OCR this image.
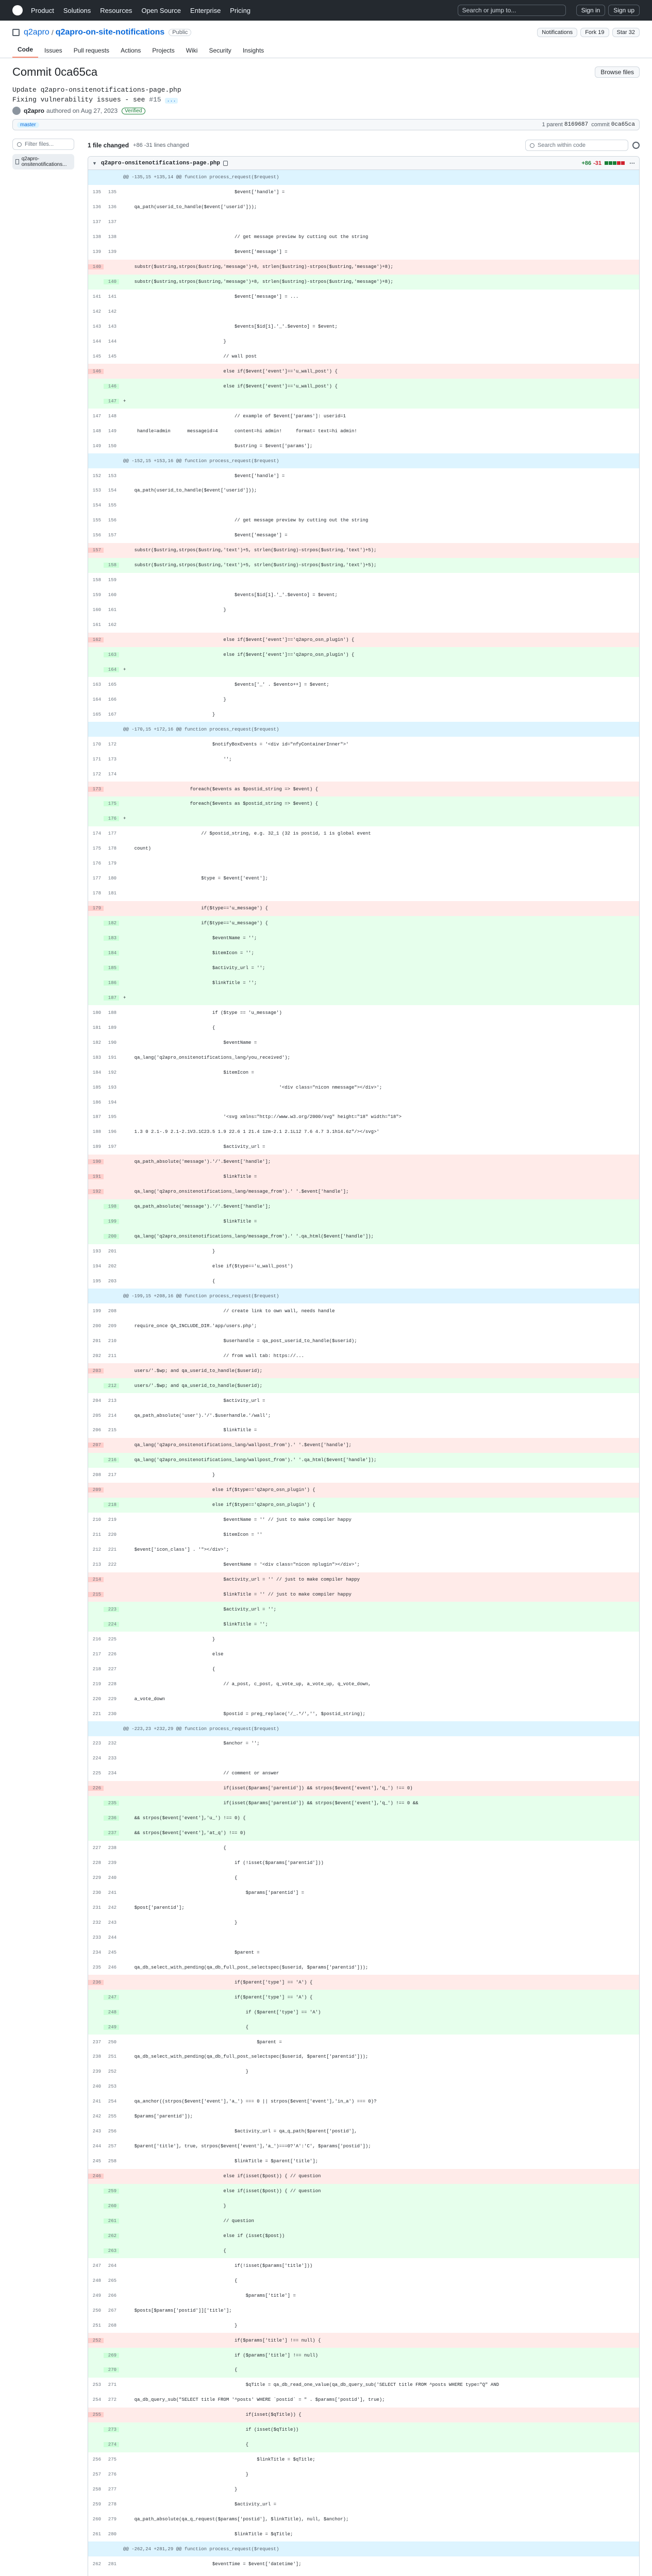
Product Solutions Resources Open Source Enterprise Pricing	Search or jump to...	Sign in	Sign up
q2apro / q2apro-on-site-notifications	Public	Notifications	Fork 19	Star 32
Code	Issues	Pull requests	Actions	Projects	Wiki	Security	Insights
Commit 0ca65ca	Browse files
Update q2apro-onsitenotifications-page.php
Fixing vulnerability issues - see #15 ...
q2apro authored on Aug 27, 2023	Verified
master	1 parent
8169687
commit
0ca65ca
Filter files...
q2apro-onsitenotifications...
1 file changed +86 -31 lines changed	Search within code
▼ q2apro-onsitenotifications-page.php	+86 -31	⋯
@@ -135,15 +135,14 @@ function process_request($request)
135	135	$event['handle'] =
136	136	qa_path(userid_to_handle($event['userid']));
137	137
138	138	// get message preview by cutting out the string
139	139	$event['message'] =
140	substr($ustring,strpos($ustring,'message')+8, strlen($ustring)-strpos($ustring,'message')+8);
140	substr($ustring,strpos($ustring,'message')+8, strlen($ustring)-strpos($ustring,'message')+8);
141	141	$event['message'] = ...
142	142
143	143	$events[$id[1].'_'.$evento] = $event;
144	144	}
145	145	// wall post
146	else if($event['event']=='u_wall_post') {
146	else if($event['event']=='u_wall_post') {
147	+
147	148	// example of $event['params']: userid=1
148	149	handle=admin      messageid=4      content=hi admin!     format= text=hi admin!
149	150	$ustring = $event['params'];
@@ -152,15 +153,16 @@ function process_request($request)
152	153	$event['handle'] =
153	154	qa_path(userid_to_handle($event['userid']));
154	155
155	156	// get message preview by cutting out the string
156	157	$event['message'] =
157	substr($ustring,strpos($ustring,'text')+5, strlen($ustring)-strpos($ustring,'text')+5);
158	substr($ustring,strpos($ustring,'text')+5, strlen($ustring)-strpos($ustring,'text')+5);
158	159
159	160	$events[$id[1].'_'.$evento] = $event;
160	161	}
161	162
162	else if($event['event']=='q2apro_osn_plugin') {
163	else if($event['event']=='q2apro_osn_plugin') {
164	+
163	165	$events['_' . $evento++] = $event;
164	166	}
165	167	}
@@ -170,15 +172,16 @@ function process_request($request)
170	172	$notifyBoxEvents = '<div id="nfyContainerInner">'
171	173	'';
172	174
173	foreach($events as $postid_string => $event) {
175	foreach($events as $postid_string => $event) {
176	+
174	177	// $postid_string, e.g. 32_1 (32 is postid, 1 is global event
175	178	count)
176	179
177	180	$type = $event['event'];
178	181
179	if($type=='u_message') {
182	if($type=='u_message') {
183	$eventName = '';
184	$itemIcon = '';
185	$activity_url = '';
186	$linkTitle = '';
187	+
180	188	if ($type == 'u_message')
181	189	{
182	190	$eventName =
183	191	qa_lang('q2apro_onsitenotifications_lang/you_received');
184	192	$itemIcon =
185	193	'<div class="nicon nmessage"></div>';
186	194
187	195	'<svg xmlns="http://www.w3.org/2000/svg" height="18" width="18">
188	196	1.3 0 2.1-.9 2.1-2.1V3.1C23.5 1.9 22.6 1 21.4 1zm-2.1 2.1L12 7.6 4.7 3.1h14.6z"/></svg>'
189	197	$activity_url =
190	qa_path_absolute('message').'/'.$event['handle'];
191	$linkTitle =
192	qa_lang('q2apro_onsitenotifications_lang/message_from').' '.$event['handle'];
198	qa_path_absolute('message').'/'.$event['handle'];
199	$linkTitle =
200	qa_lang('q2apro_onsitenotifications_lang/message_from').' '.qa_html($event['handle']);
193	201	}
194	202	else if($type=='u_wall_post')
195	203	{
@@ -199,15 +208,16 @@ function process_request($request)
199	208	// create link to own wall, needs handle
200	209	require_once QA_INCLUDE_DIR.'app/users.php';
201	210	$userhandle = qa_post_userid_to_handle($userid);
202	211	// from wall tab: https://...
203	users/'.$wp; and qa_userid_to_handle($userid);
212	users/'.$wp; and qa_userid_to_handle($userid);
204	213	$activity_url =
205	214	qa_path_absolute('user').'/'.$userhandle.'/wall';
206	215	$linkTitle =
207	qa_lang('q2apro_onsitenotifications_lang/wallpost_from').' '.$event['handle'];
216	qa_lang('q2apro_onsitenotifications_lang/wallpost_from').' '.qa_html($event['handle']);
208	217	}
209	else if($type=='q2apro_osn_plugin') {
218	else if($type=='q2apro_osn_plugin') {
210	219	$eventName = '' // just to make compiler happy
211	220	$itemIcon = ''
212	221	$event['icon_class'] . '"></div>';
213	222	$eventName = '<div class="nicon nplugin"></div>';
214	$activity_url = '' // just to make compiler happy
215	$linkTitle = '' // just to make compiler happy
223	$activity_url = '';
224	$linkTitle = '';
216	225	}
217	226	else
218	227	{
219	228	// a_post, c_post, q_vote_up, a_vote_up, q_vote_down,
220	229	a_vote_down
221	230	$postid = preg_replace('/_.*/','', $postid_string);
@@ -223,23 +232,29 @@ function process_request($request)
223	232	$anchor = '';
224	233
225	234	// comment or answer
226	if(isset($params['parentid']) && strpos($event['event'],'q_') !== 0)
235	if(isset($params['parentid']) && strpos($event['event'],'q_') !== 0 &&
236	&& strpos($event['event'],'u_') !== 0) {
237	&& strpos($event['event'],'at_q') !== 0)
227	238	{
228	239	if (!isset($params['parentid']))
229	240	{
230	241	$params['parentid'] =
231	242	$post['parentid'];
232	243	}
233	244
234	245	$parent =
235	246	qa_db_select_with_pending(qa_db_full_post_selectspec($userid, $params['parentid']));
236	if($parent['type'] == 'A') {
247	if($parent['type'] == 'A') {
248	if ($parent['type'] == 'A')
249	{
237	250	$parent =
238	251	qa_db_select_with_pending(qa_db_full_post_selectspec($userid, $parent['parentid']));
239	252	}
240	253
241	254	qa_anchor((strpos($event['event'],'a_') === 0 || strpos($event['event'],'in_a') === 0)?
242	255	$params['parentid']);
243	256	$activity_url = qa_q_path($parent['postid'],
244	257	$parent['title'], true, strpos($event['event'],'a_')===0?'A':'C', $params['postid']);
245	258	$linkTitle = $parent['title'];
246	else if(isset($post)) { // question
259	else if(isset($post)) { // question
260	}
261	// question
262	else if (isset($post))
263	{
247	264	if(!isset($params['title']))
248	265	{
249	266	$params['title'] =
250	267	$posts[$params['postid']]['title'];
251	268	}
252	if($params['title'] !== null) {
269	if ($params['title'] !== null)
270	{
253	271	$qTitle = qa_db_read_one_value(qa_db_query_sub('SELECT title FROM ^posts WHERE type="Q" AND
254	272	qa_db_query_sub("SELECT title FROM '^posts' WHERE `postid` = " . $params['postid'], true);
255	if(isset($qTitle)) {
273	if (isset($qTitle))
274	{
256	275	$linkTitle = $qTitle;
257	276	}
258	277	}
259	278	$activity_url =
260	279	qa_path_absolute(qa_q_request($params['postid'], $linkTitle), null, $anchor);
261	280	$linkTitle = $qTitle;
@@ -262,24 +281,29 @@ function process_request($request)
262	281	$eventTime = $event['datetime'];
